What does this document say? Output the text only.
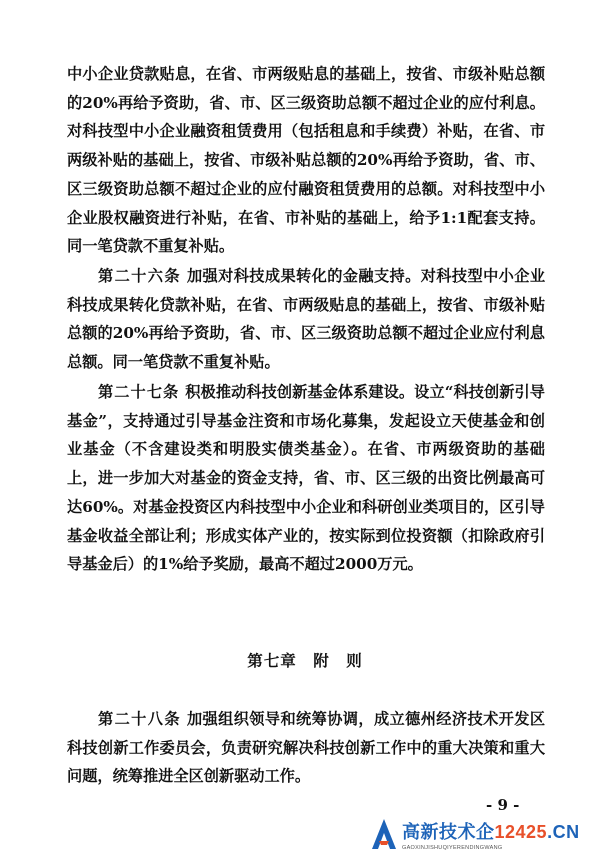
中小企业贷款贴息，在省、市两级贴息的基础上，按省、市级补贴总额的20%再给予资助，省、市、区三级资助总额不超过企业的应付利息。对科技型中小企业融资租赁费用（包括租息和手续费）补贴，在省、市两级补贴的基础上，按省、市级补贴总额的20%再给予资助，省、市、区三级资助总额不超过企业的应付融资租赁费用的总额。对科技型中小企业股权融资进行补贴，在省、市补贴的基础上，给予1:1配套支持。同一笔贷款不重复补贴。

第二十六条 加强对科技成果转化的金融支持。对科技型中小企业科技成果转化贷款补贴，在省、市两级贴息的基础上，按省、市级补贴总额的20%再给予资助，省、市、区三级资助总额不超过企业应付利息总额。同一笔贷款不重复补贴。

第二十七条 积极推动科技创新基金体系建设。设立“科技创新引导基金”，支持通过引导基金注资和市场化募集，发起设立天使基金和创业基金（不含建设类和明股实债类基金）。在省、市两级资助的基础上，进一步加大对基金的资金支持，省、市、区三级的出资比例最高可达60%。对基金投资区内科技型中小企业和科研创业类项目的，区引导基金收益全部让利；形成实体产业的，按实际到位投资额（扣除政府引导基金后）的1%给予奖励，最高不超过2000万元。

第七章　附　则

第二十八条 加强组织领导和统筹协调，成立德州经济技术开发区科技创新工作委员会，负责研究解决科技创新工作中的重大决策和重大问题，统筹推进全区创新驱动工作。

- 9 -
高新技术企12425.CN
GAOXINJISHUQIYERENDINGWANG
